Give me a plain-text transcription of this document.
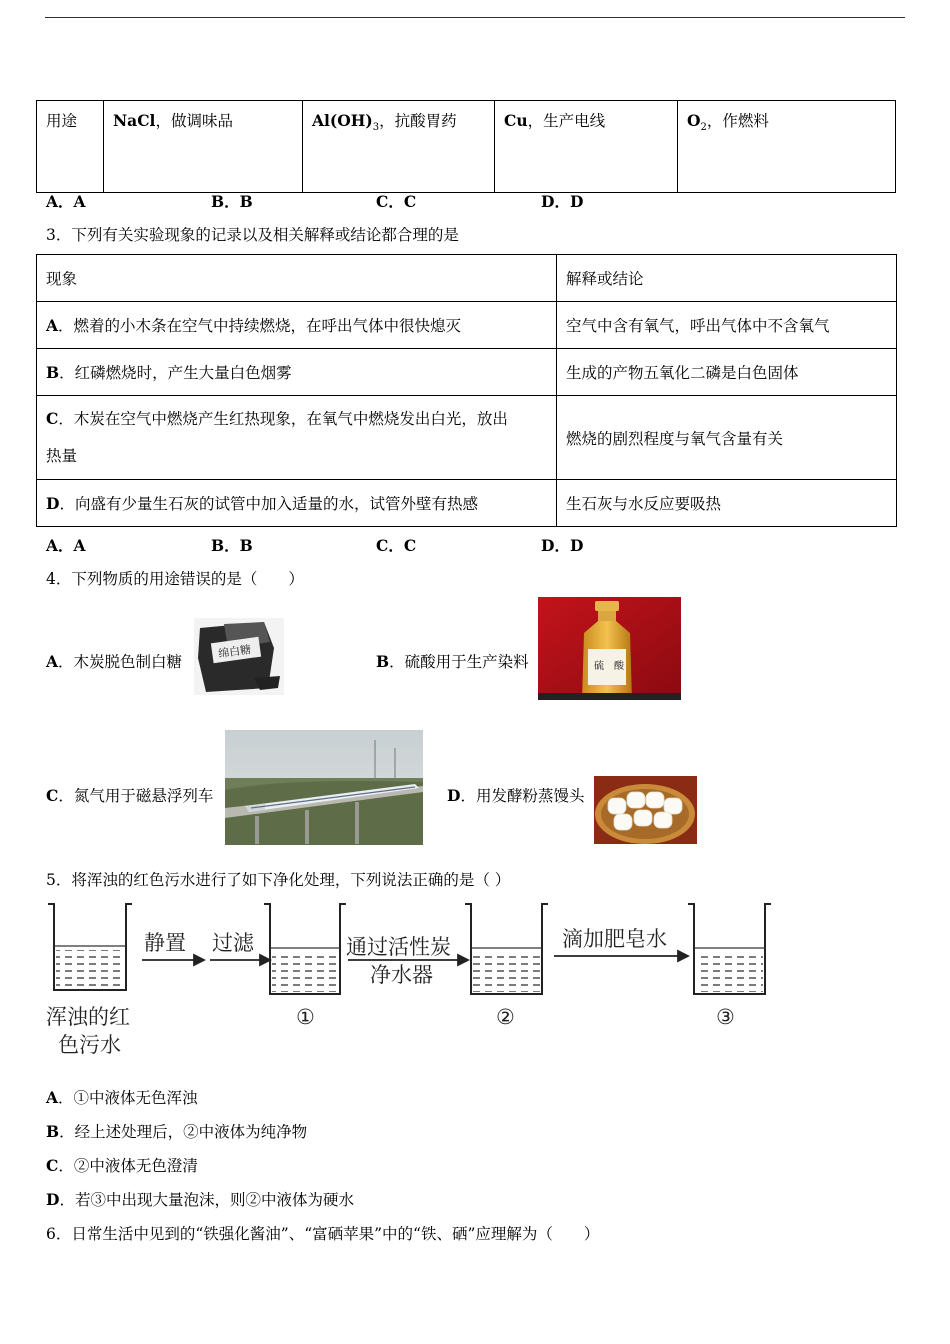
用途	NaCl，做调味品	$Al(OH)_3$，抗酸胃药	Cu，生产电线	$O_2$，作燃料
A．A	B．B	C．C	D．D
3．下列有关实验现象的记录以及相关解释或结论都合理的是
现象	解释或结论
A．燃着的小木条在空气中持续燃烧，在呼出气体中很快熄灭	空气中含有氧气，呼出气体中不含氧气
B．红磷燃烧时，产生大量白色烟雾	生成的产物五氧化二磷是白色固体
C．木炭在空气中燃烧产生红热现象，在氧气中燃烧发出白光，放出
热量	燃烧的剧烈程度与氧气含量有关
D．向盛有少量生石灰的试管中加入适量的水，试管外壁有热感	生石灰与水反应要吸热
A．A	B．B	C．C	D．D
4．下列物质的用途错误的是（　　）
A．木炭脱色制白糖
绵白糖
B．硫酸用于生产染料	硫　酸
C．氮气用于磁悬浮列车	D．用发酵粉蒸馒头
5．将浑浊的红色污水进行了如下净化处理，下列说法正确的是（ ）
静置 过滤	通过活性炭
净水器
滴加肥皂水
浑浊的红
色污水
①	②	③
A．①中液体无色浑浊
B．经上述处理后，②中液体为纯净物
C．②中液体无色澄清
D．若③中出现大量泡沫，则②中液体为硬水
6．日常生活中见到的“铁强化酱油”、“富硒苹果”中的“铁、硒”应理解为（　　）
